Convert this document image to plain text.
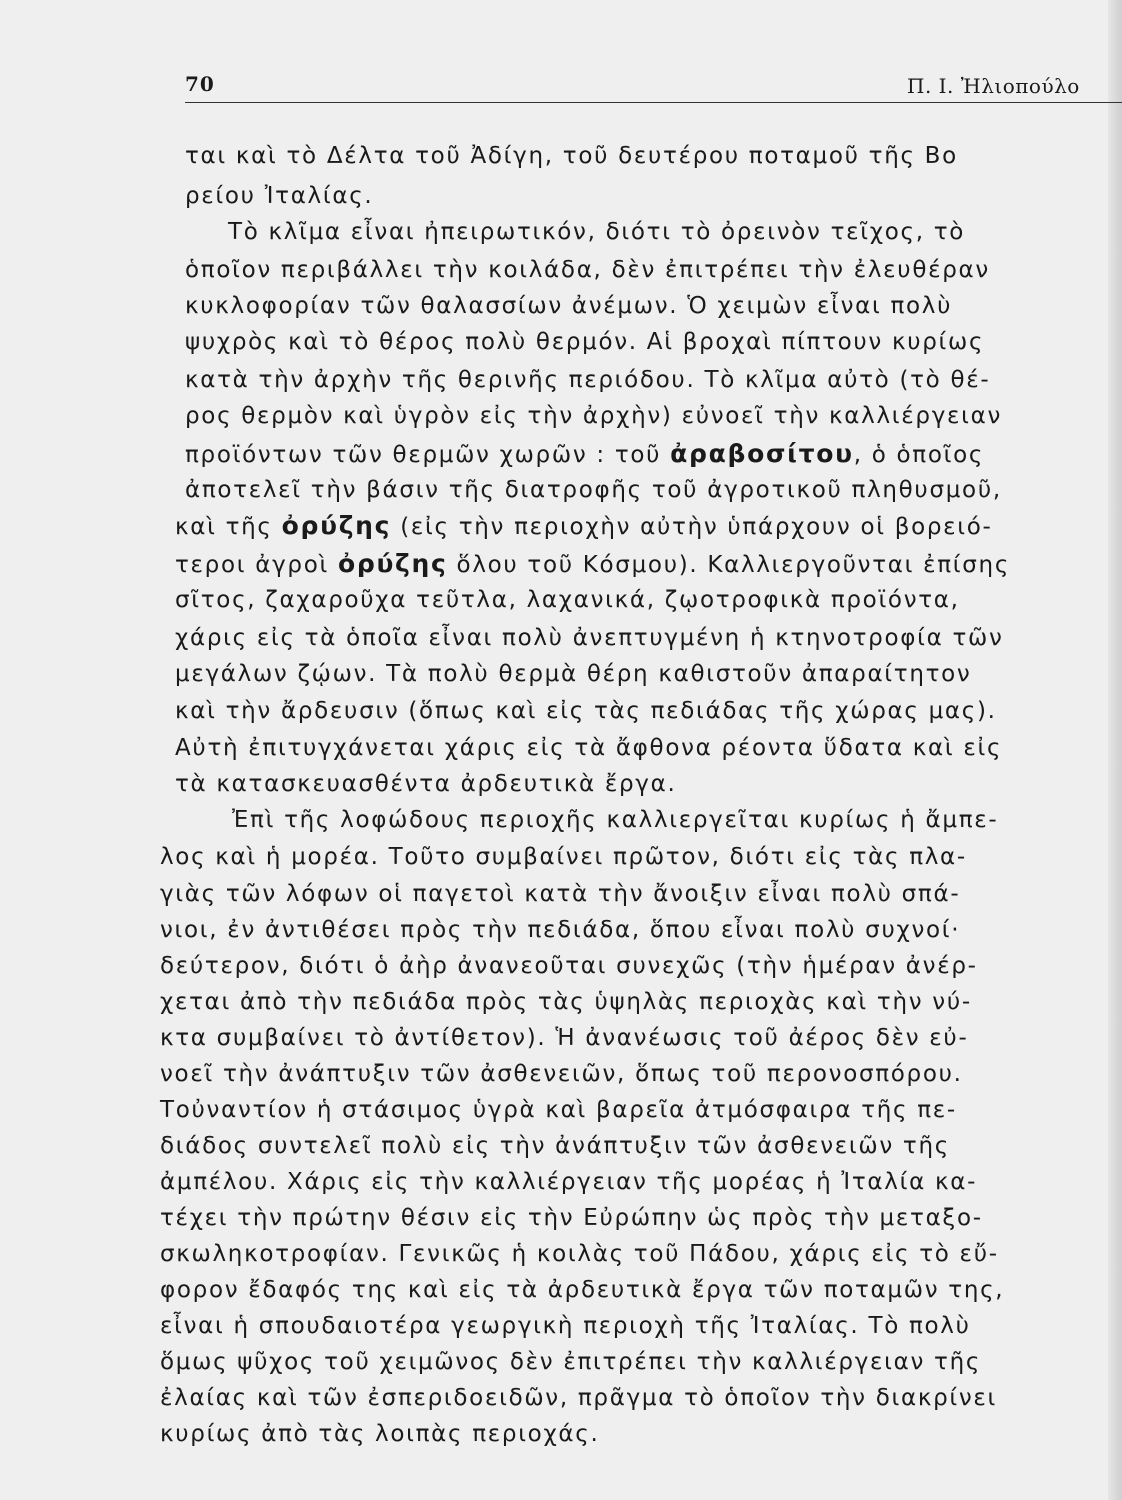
70	Π. Ι. Ἠλιοπούλο
ται καὶ τὸ Δέλτα τοῦ Ἀδίγη, τοῦ δευτέρου ποταμοῦ τῆς Βο
ρείου Ἰταλίας.
Τὸ κλῖμα εἶναι ἠπειρωτικόν, διότι τὸ ὀρεινὸν τεῖχος, τὸ
ὁποῖον περιβάλλει τὴν κοιλάδα, δὲν ἐπιτρέπει τὴν ἐλευθέραν
κυκλοφορίαν τῶν θαλασσίων ἀνέμων. Ὁ χειμὼν εἶναι πολὺ
ψυχρὸς καὶ τὸ θέρος πολὺ θερμόν. Αἱ βροχαὶ πίπτουν κυρίως
κατὰ τὴν ἀρχὴν τῆς θερινῆς περιόδου. Τὸ κλῖμα αὐτὸ (τὸ θέ-
ρος θερμὸν καὶ ὑγρὸν εἰς τὴν ἀρχὴν) εὐνοεῖ τὴν καλλιέργειαν
προϊόντων τῶν θερμῶν χωρῶν : τοῦ ἀραβοσίτου, ὁ ὁποῖος
ἀποτελεῖ τὴν βάσιν τῆς διατροφῆς τοῦ ἀγροτικοῦ πληθυσμοῦ,
καὶ τῆς ὀρύζης (εἰς τὴν περιοχὴν αὐτὴν ὑπάρχουν οἱ βορειό-
τεροι ἀγροὶ ὀρύζης ὅλου τοῦ Κόσμου). Καλλιεργοῦνται ἐπίσης
σῖτος, ζαχαροῦχα τεῦτλα, λαχανικά, ζῳοτροφικὰ προϊόντα,
χάρις εἰς τὰ ὁποῖα εἶναι πολὺ ἀνεπτυγμένη ἡ κτηνοτροφία τῶν
μεγάλων ζῴων. Τὰ πολὺ θερμὰ θέρη καθιστοῦν ἀπαραίτητον
καὶ τὴν ἄρδευσιν (ὅπως καὶ εἰς τὰς πεδιάδας τῆς χώρας μας).
Αὐτὴ ἐπιτυγχάνεται χάρις εἰς τὰ ἄφθονα ρέοντα ὕδατα καὶ εἰς
τὰ κατασκευασθέντα ἀρδευτικὰ ἔργα.
Ἐπὶ τῆς λοφώδους περιοχῆς καλλιεργεῖται κυρίως ἡ ἄμπε-
λος καὶ ἡ μορέα. Τοῦτο συμβαίνει πρῶτον, διότι εἰς τὰς πλα-
γιὰς τῶν λόφων οἱ παγετοὶ κατὰ τὴν ἄνοιξιν εἶναι πολὺ σπά-
νιοι, ἐν ἀντιθέσει πρὸς τὴν πεδιάδα, ὅπου εἶναι πολὺ συχνοί·
δεύτερον, διότι ὁ ἀὴρ ἀνανεοῦται συνεχῶς (τὴν ἡμέραν ἀνέρ-
χεται ἀπὸ τὴν πεδιάδα πρὸς τὰς ὑψηλὰς περιοχὰς καὶ τὴν νύ-
κτα συμβαίνει τὸ ἀντίθετον). Ἡ ἀνανέωσις τοῦ ἀέρος δὲν εὐ-
νοεῖ τὴν ἀνάπτυξιν τῶν ἀσθενειῶν, ὅπως τοῦ περονοσπόρου.
Τοὐναντίον ἡ στάσιμος ὑγρὰ καὶ βαρεῖα ἀτμόσφαιρα τῆς πε-
διάδος συντελεῖ πολὺ εἰς τὴν ἀνάπτυξιν τῶν ἀσθενειῶν τῆς
ἀμπέλου. Χάρις εἰς τὴν καλλιέργειαν τῆς μορέας ἡ Ἰταλία κα-
τέχει τὴν πρώτην θέσιν εἰς τὴν Εὐρώπην ὡς πρὸς τὴν μεταξο-
σκωληκοτροφίαν. Γενικῶς ἡ κοιλὰς τοῦ Πάδου, χάρις εἰς τὸ εὔ-
φορον ἔδαφός της καὶ εἰς τὰ ἀρδευτικὰ ἔργα τῶν ποταμῶν της,
εἶναι ἡ σπουδαιοτέρα γεωργικὴ περιοχὴ τῆς Ἰταλίας. Τὸ πολὺ
ὅμως ψῦχος τοῦ χειμῶνος δὲν ἐπιτρέπει τὴν καλλιέργειαν τῆς
ἐλαίας καὶ τῶν ἐσπεριδοειδῶν, πρᾶγμα τὸ ὁποῖον τὴν διακρίνει
κυρίως ἀπὸ τὰς λοιπὰς περιοχάς.
